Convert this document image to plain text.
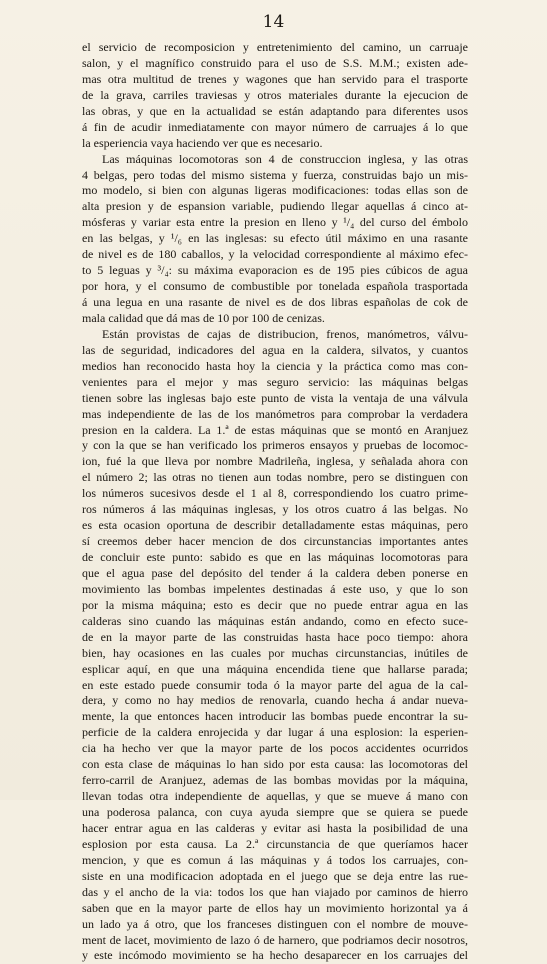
14
el servicio de recomposicion y entretenimiento del camino, un carruaje
salon, y el magnífico construido para el uso de S.S. M.M.; existen ade-
mas otra multitud de trenes y wagones que han servido para el trasporte
de la grava, carriles traviesas y otros materiales durante la ejecucion de
las obras, y que en la actualidad se están adaptando para diferentes usos
á fin de acudir inmediatamente con mayor número de carruajes á lo que
la esperiencia vaya haciendo ver que es necesario.
Las máquinas locomotoras son 4 de construccion inglesa, y las otras
4 belgas, pero todas del mismo sistema y fuerza, construidas bajo un mis-
mo modelo, si bien con algunas ligeras modificaciones: todas ellas son de
alta presion y de espansion variable, pudiendo llegar aquellas á cinco at-
mósferas y variar esta entre la presion en lleno y ¹/₄ del curso del émbolo
en las belgas, y ¹/₆ en las inglesas: su efecto útil máximo en una rasante
de nivel es de 180 caballos, y la velocidad correspondiente al máximo efec-
to 5 leguas y ³/₄: su máxima evaporacion es de 195 pies cúbicos de agua
por hora, y el consumo de combustible por tonelada española trasportada
á una legua en una rasante de nivel es de dos libras españolas de cok de
mala calidad que dá mas de 10 por 100 de cenizas.
Están provistas de cajas de distribucion, frenos, manómetros, válvu-
las de seguridad, indicadores del agua en la caldera, silvatos, y cuantos
medios han reconocido hasta hoy la ciencia y la práctica como mas con-
venientes para el mejor y mas seguro servicio: las máquinas belgas
tienen sobre las inglesas bajo este punto de vista la ventaja de una válvula
mas independiente de las de los manómetros para comprobar la verdadera
presion en la caldera. La 1.ª de estas máquinas que se montó en Aranjuez
y con la que se han verificado los primeros ensayos y pruebas de locomoc-
ion, fué la que lleva por nombre Madrileña, inglesa, y señalada ahora con
el número 2; las otras no tienen aun todas nombre, pero se distinguen con
los números sucesivos desde el 1 al 8, correspondiendo los cuatro prime-
ros números á las máquinas inglesas, y los otros cuatro á las belgas. No
es esta ocasion oportuna de describir detalladamente estas máquinas, pero
sí creemos deber hacer mencion de dos circunstancias importantes antes
de concluir este punto: sabido es que en las máquinas locomotoras para
que el agua pase del depósito del tender á la caldera deben ponerse en
movimiento las bombas impelentes destinadas á este uso, y que lo son
por la misma máquina; esto es decir que no puede entrar agua en las
calderas sino cuando las máquinas están andando, como en efecto suce-
de en la mayor parte de las construidas hasta hace poco tiempo: ahora
bien, hay ocasiones en las cuales por muchas circunstancias, inútiles de
esplicar aquí, en que una máquina encendida tiene que hallarse parada;
en este estado puede consumir toda ó la mayor parte del agua de la cal-
dera, y como no hay medios de renovarla, cuando hecha á andar nueva-
mente, la que entonces hacen introducir las bombas puede encontrar la su-
perficie de la caldera enrojecida y dar lugar á una esplosion: la esperien-
cia ha hecho ver que la mayor parte de los pocos accidentes ocurridos
con esta clase de máquinas lo han sido por esta causa: las locomotoras del
ferro-carril de Aranjuez, ademas de las bombas movidas por la máquina,
llevan todas otra independiente de aquellas, y que se mueve á mano con
una poderosa palanca, con cuya ayuda siempre que se quiera se puede
hacer entrar agua en las calderas y evitar asi hasta la posibilidad de una
esplosion por esta causa. La 2.ª circunstancia de que queríamos hacer
mencion, y que es comun á las máquinas y á todos los carruajes, con-
siste en una modificacion adoptada en el juego que se deja entre las rue-
das y el ancho de la via: todos los que han viajado por caminos de hierro
saben que en la mayor parte de ellos hay un movimiento horizontal ya á
un lado ya á otro, que los franceses distinguen con el nombre de mouve-
ment de lacet, movimiento de lazo ó de harnero, que podriamos decir nosotros,
y este incómodo movimiento se ha hecho desaparecer en los carruajes del
